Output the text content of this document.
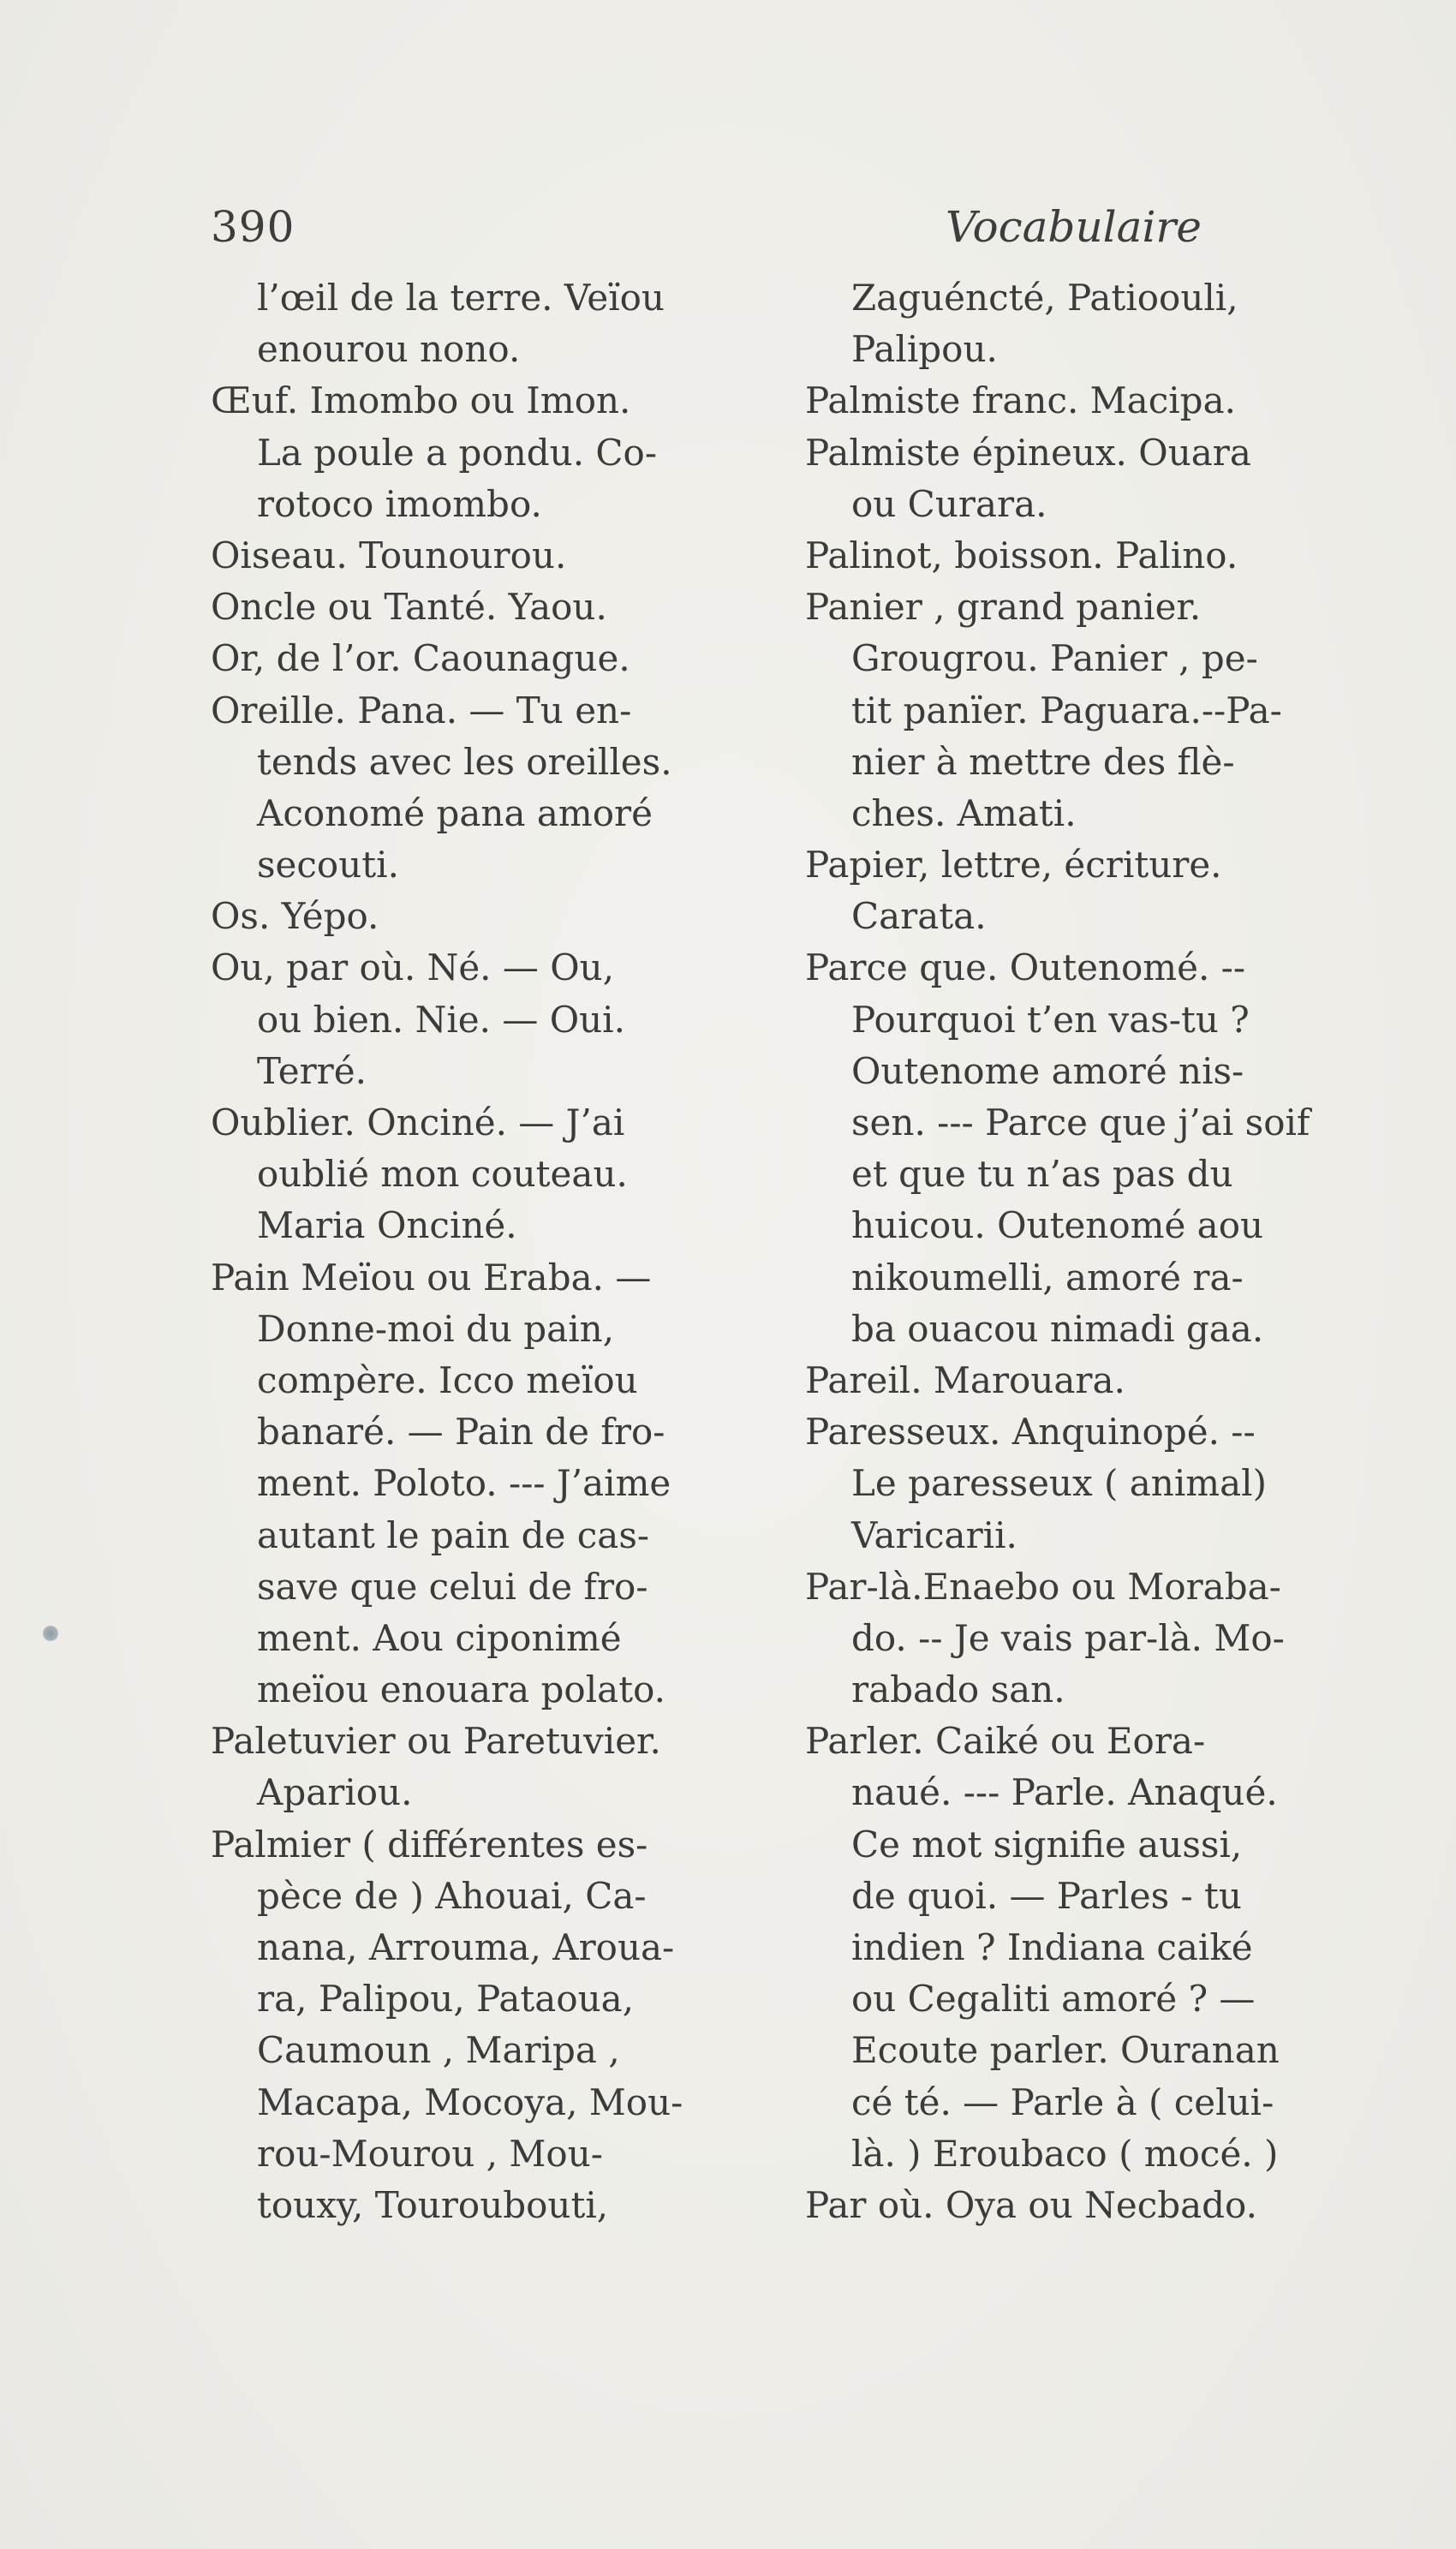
390	Vocabulaire
l’œil de la terre. Veïou
enourou nono.
Œuf. Imombo ou Imon.
La poule a pondu. Co-
rotoco imombo.
Oiseau. Tounourou.
Oncle ou Tanté. Yaou.
Or, de l’or. Caounague.
Oreille. Pana. — Tu en-
tends avec les oreilles.
Aconomé pana amoré
secouti.
Os. Yépo.
Ou, par où. Né. — Ou,
ou bien. Nie. — Oui.
Terré.
Oublier. Onciné. — J’ai
oublié mon couteau.
Maria Onciné.
Pain Meïou ou Eraba. —
Donne-moi du pain,
compère. Icco meïou
banaré. — Pain de fro-
ment. Poloto. --- J’aime
autant le pain de cas-
save que celui de fro-
ment. Aou ciponimé
meïou enouara polato.
Paletuvier ou Paretuvier.
Apariou.
Palmier ( différentes es-
pèce de ) Ahouai, Ca-
nana, Arrouma, Aroua-
ra, Palipou, Pataoua,
Caumoun , Maripa ,
Macapa, Mocoya, Mou-
rou-Mourou , Mou-
touxy, Touroubouti,
Zaguéncté, Patioouli,
Palipou.
Palmiste franc. Macipa.
Palmiste épineux. Ouara
ou Curara.
Palinot, boisson. Palino.
Panier , grand panier.
Grougrou. Panier , pe-
tit panïer. Paguara.--Pa-
nier à mettre des flè-
ches. Amati.
Papier, lettre, écriture.
Carata.
Parce que. Outenomé. --
Pourquoi t’en vas-tu ?
Outenome amoré nis-
sen. --- Parce que j’ai soif
et que tu n’as pas du
huicou. Outenomé aou
nikoumelli, amoré ra-
ba ouacou nimadi gaa.
Pareil. Marouara.
Paresseux. Anquinopé. --
Le paresseux ( animal)
Varicarii.
Par-là.Enaebo ou Moraba-
do. -- Je vais par-là. Mo-
rabado san.
Parler. Caiké ou Eora-
naué. --- Parle. Anaqué.
Ce mot signifie aussi,
de quoi. — Parles - tu
indien ? Indiana caiké
ou Cegaliti amoré ? —
Ecoute parler. Ouranan
cé té. — Parle à ( celui-
là. ) Eroubaco ( mocé. )
Par où. Oya ou Necbado.
